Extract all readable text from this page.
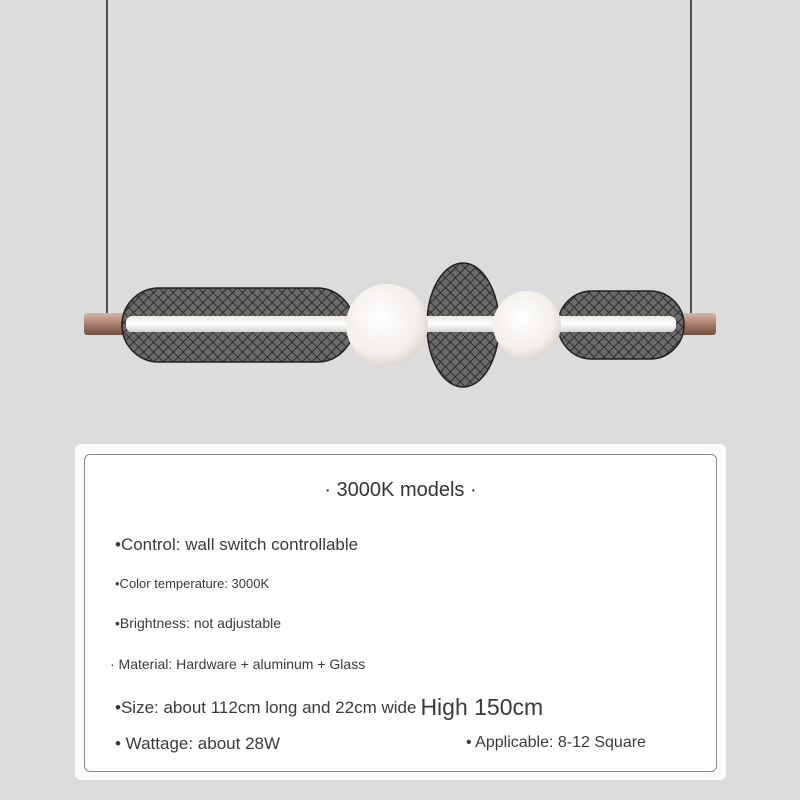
· 3000K models ·
•Control: wall switch controllable
•Color temperature: 3000K
•Brightness: not adjustable
· Material: Hardware + aluminum + Glass
•Size: about 112cm long and 22cm wide High 150cm
• Wattage: about 28W	• Applicable: 8-12 Square
